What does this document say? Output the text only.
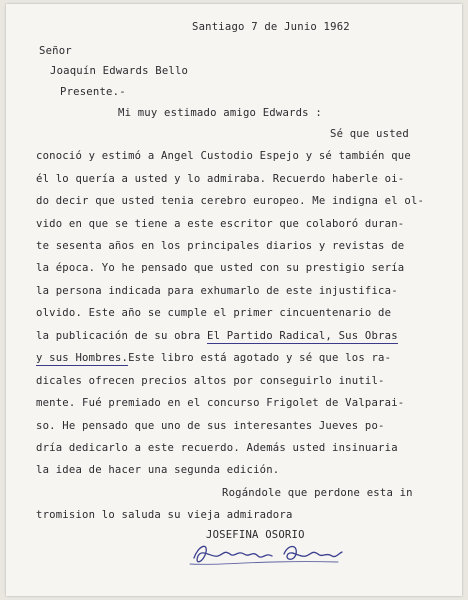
Santiago 7 de Junio 1962
Señor
Joaquín Edwards Bello
Presente.-
Mi muy estimado amigo Edwards :
Sé que usted
conoció y estimó a Angel Custodio Espejo y sé también que
él lo quería a usted y lo admiraba. Recuerdo haberle oi-
do decir que usted tenia cerebro europeo. Me indigna el ol-
vido en que se tiene a este escritor que colaboró duran-
te sesenta años en los principales diarios y revistas de
la época. Yo he pensado que usted con su prestigio sería
la persona indicada para exhumarlo de este injustifica-
olvido. Este año se cumple el primer cincuentenario de
la publicación de su obra El Partido Radical, Sus Obras
y sus Hombres.Este libro está agotado y sé que los ra-
dicales ofrecen precios altos por conseguirlo inutil-
mente. Fué premiado en el concurso Frigolet de Valparai-
so. He pensado que uno de sus interesantes Jueves po-
dría dedicarlo a este recuerdo. Además usted insinuaria
la idea de hacer una segunda edición.
Rogándole que perdone esta in
tromision lo saluda su vieja admiradora
JOSEFINA OSORIO
